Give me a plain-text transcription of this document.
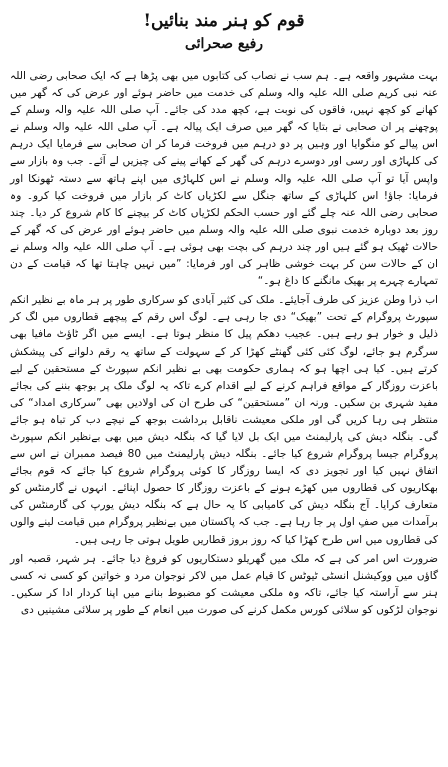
قوم کو ہنر مند بنائیں!
رفیع صحرائی

بہت مشہور واقعہ ہے۔ ہم سب نے نصاب کی کتابوں میں بھی پڑھا ہے کہ ایک صحابی رضی اللہ عنہ نبی کریم صلی اللہ علیہ والہ وسلم کی خدمت میں حاضر ہوئے اور عرض کی کہ گھر میں کھانے کو کچھ نہیں، فاقوں کی نوبت ہے، کچھ مدد کی جائے۔ آپ صلی اللہ علیہ والہ وسلم کے پوچھنے پر ان صحابی نے بتایا کہ گھر میں صرف ایک پیالہ ہے۔ آپ صلی اللہ علیہ والہ وسلم نے اس پیالے کو منگوایا اور وہیں پر دو درہم میں فروخت فرما کر ان صحابی سے فرمایا ایک درہم کی کلہاڑی اور رسی اور دوسرے درہم کی گھر کے کھانے پینے کی چیزیں لے آئے۔ جب وہ بازار سے واپس آیا تو آپ صلی اللہ علیہ والہ وسلم نے اس کلہاڑی میں اپنے ہاتھ سے دستہ ٹھونکا اور فرمایا: جاؤ! اس کلہاڑی کے ساتھ جنگل سے لکڑیاں کاٹ کر بازار میں فروخت کیا کرو۔ وہ صحابی رضی اللہ عنہ چلے گئے اور حسب الحکم لکڑیاں کاٹ کر بیچنے کا کام شروع کر دیا۔ چند روز بعد دوبارہ خدمت نبوی صلی اللہ علیہ والہ وسلم میں حاضر ہوئے اور عرض کی کہ گھر کے حالات ٹھیک ہو گئے ہیں اور چند درہم کی بچت بھی ہوئی ہے۔ آپ صلی اللہ علیہ والہ وسلم نے ان کے حالات سن کر بہت خوشی ظاہر کی اور فرمایا: ”میں نہیں چاہتا تھا کہ قیامت کے دن تمہارے چہرے پر بھیک مانگنے کا داغ ہو۔“

اب ذرا وطن عزیز کی طرف آجایئے۔ ملک کی کثیر آبادی کو سرکاری طور پر ہر ماہ بے نظیر انکم سپورٹ پروگرام کے تحت ”بھیک“ دی جا رہی ہے۔ لوگ اس رقم کے پیچھے قطاروں میں لگ کر ذلیل و خوار ہو رہے ہیں۔ عجیب دھکم پیل کا منظر ہوتا ہے۔ ایسے میں اگر ٹاؤٹ مافیا بھی سرگرم ہو جائے، لوگ کئی کئی گھنٹے کھڑا کر کے سہولت کے ساتھ یہ رقم دلوانے کی پیشکش کرتے ہیں۔ کیا ہی اچھا ہو کہ ہماری حکومت بھی بے نظیر انکم سپورٹ کے مستحقین کے لیے باعزت روزگار کے مواقع فراہم کرنے کے لیے اقدام کرے تاکہ یہ لوگ ملک پر بوجھ بننے کی بجائے مفید شہری بن سکیں۔ ورنہ ان ”مستحقین“ کی طرح ان کی اولادیں بھی ”سرکاری امداد“ کی منتظر ہی رہا کریں گی اور ملکی معیشت ناقابل برداشت بوجھ کے نیچے دب کر تباہ ہو جائے گی۔ بنگلہ دیش کی پارلیمنٹ میں ایک بل لایا گیا کہ بنگلہ دیش میں بھی بےنظیر انکم سپورٹ پروگرام جیسا پروگرام شروع کیا جائے۔ بنگلہ دیش پارلیمنٹ میں 80 فیصد ممبران نے اس سے اتفاق نہیں کیا اور تجویز دی کہ ایسا روزگار کا کوئی پروگرام شروع کیا جائے کہ قوم بجائے بھکاریوں کی قطاروں میں کھڑے ہونے کے باعزت روزگار کا حصول اپنائے۔ انہوں نے گارمنٹس کو متعارف کرایا۔ آج بنگلہ دیش کی کامیابی کا یہ حال ہے کہ بنگلہ دیش یورپ کی گارمنٹس کی برآمدات میں صفِ اول پر جا رہا ہے۔ جب کہ پاکستان میں بےنظیر پروگرام میں قیامت لینے والوں کی قطاروں میں اس طرح کھڑا کیا کہ روز بروز قطاریں طویل ہوتی جا رہی ہیں۔

ضرورت اس امر کی ہے کہ ملک میں گھریلو دستکاریوں کو فروغ دیا جائے۔ ہر شہر، قصبہ اور گاؤں میں ووکیشنل انسٹی ٹیوٹس کا قیام عمل میں لاکر نوجوان مرد و خواتین کو کسی نہ کسی ہنر سے آراستہ کیا جائے، تاکہ وہ ملکی معیشت کو مضبوط بنانے میں اپنا کردار ادا کر سکیں۔ نوجوان لڑکوں کو سلائی کورس مکمل کرنے کی صورت میں انعام کے طور پر سلائی مشینیں دی
